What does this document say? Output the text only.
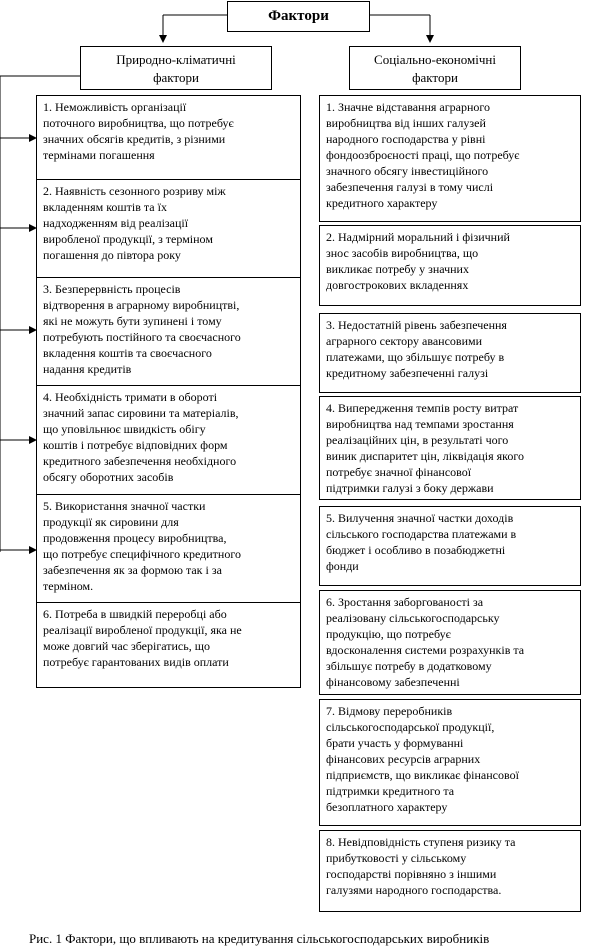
Фактори
Природно-кліматичні
фактори
Соціально-економічні
фактори
1. Неможливість організації
поточного виробництва, що потребує
значних обсягів кредитів, з різними
термінами погашення
2. Наявність сезонного розриву між
вкладенням коштів та їх
надходженням від реалізації
виробленої продукції, з терміном
погашення до півтора року
3. Безперервність процесів
відтворення в аграрному виробництві,
які не можуть бути зупинені і тому
потребують постійного та своєчасного
вкладення коштів та своєчасного
надання кредитів
4. Необхідність тримати в обороті
значний запас сировини та матеріалів,
що уповільнює швидкість обігу
коштів і потребує відповідних форм
кредитного забезпечення необхідного
обсягу оборотних засобів
5. Використання значної частки
продукції як сировини для
продовження процесу виробництва,
що потребує специфічного кредитного
забезпечення як за формою так і за
терміном.
6. Потреба в швидкій переробці або
реалізації виробленої продукції, яка не
може довгий час зберігатись, що
потребує гарантованих видів оплати
1. Значне відставання аграрного
виробництва від інших галузей
народного господарства у рівні
фондоозброєності праці, що потребує
значного обсягу інвестиційного
забезпечення галузі в тому числі
кредитного характеру
2. Надмірний моральний і фізичний
знос засобів виробництва, що
викликає потребу у значних
довгострокових вкладеннях
3. Недостатній рівень забезпечення
аграрного сектору авансовими
платежами, що збільшує потребу в
кредитному забезпеченні галузі
4. Випередження темпів росту витрат
виробництва над темпами зростання
реалізаційних цін, в результаті чого
виник диспаритет цін, ліквідація якого
потребує значної фінансової
підтримки галузі з боку держави
5. Вилучення значної частки доходів
сільського господарства платежами в
бюджет і особливо в позабюджетні
фонди
6. Зростання заборгованості за
реалізовану сільськогосподарську
продукцію, що потребує
вдосконалення системи розрахунків та
збільшує потребу в додатковому
фінансовому забезпеченні
7. Відмову переробників
сільськогосподарської продукції,
брати участь у формуванні
фінансових ресурсів аграрних
підприємств, що викликає фінансової
підтримки кредитного та
безоплатного характеру
8. Невідповідність ступеня ризику та
прибутковості у сільському
господарстві порівняно з іншими
галузями народного господарства.
Рис. 1 Фактори, що впливають на кредитування сільськогосподарських виробників
